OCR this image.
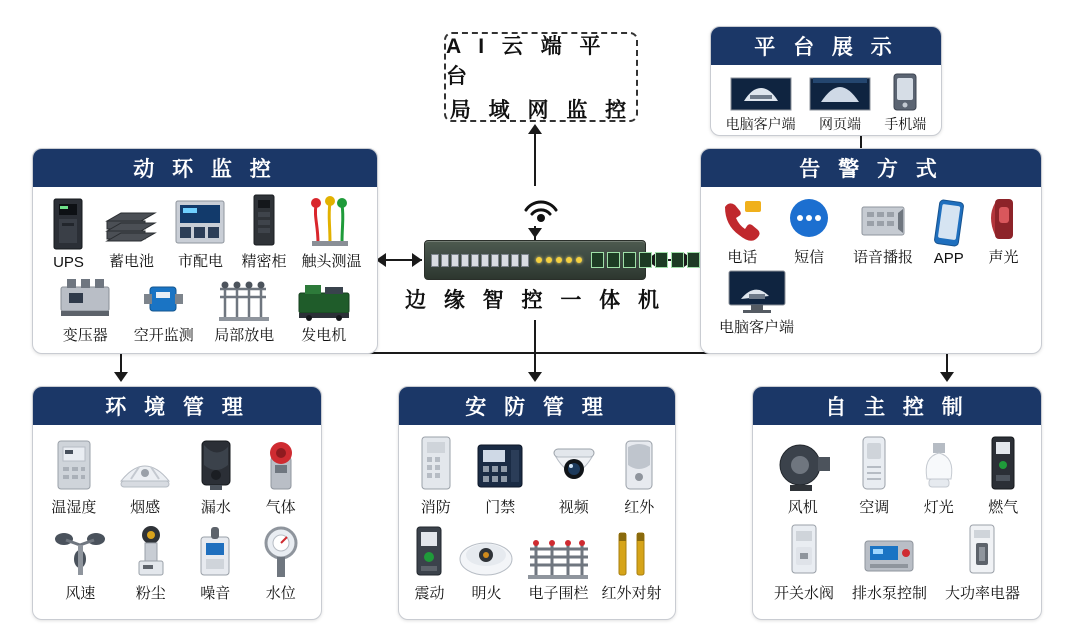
A I 云 端 平 台
局 域 网 监 控
边 缘 智 控 一 体 机
平 台 展 示
电脑客户端 网页端 手机端
动 环 监 控
UPS 蓄电池 市配电 精密柜 触头测温
变压器 空开监测 局部放电 发电机
告 警 方 式
电话 短信 语音播报 APP 声光
电脑客户端
环 境 管 理
温湿度 烟感	漏水 气体
风速	粉尘 噪音 水位
安 防 管 理
消防 门禁	视频 红外
震动 明火 电子围栏 红外对射
自 主 控 制
风机	空调 灯光 燃气
开关水阀 排水泵控制 大功率电器
